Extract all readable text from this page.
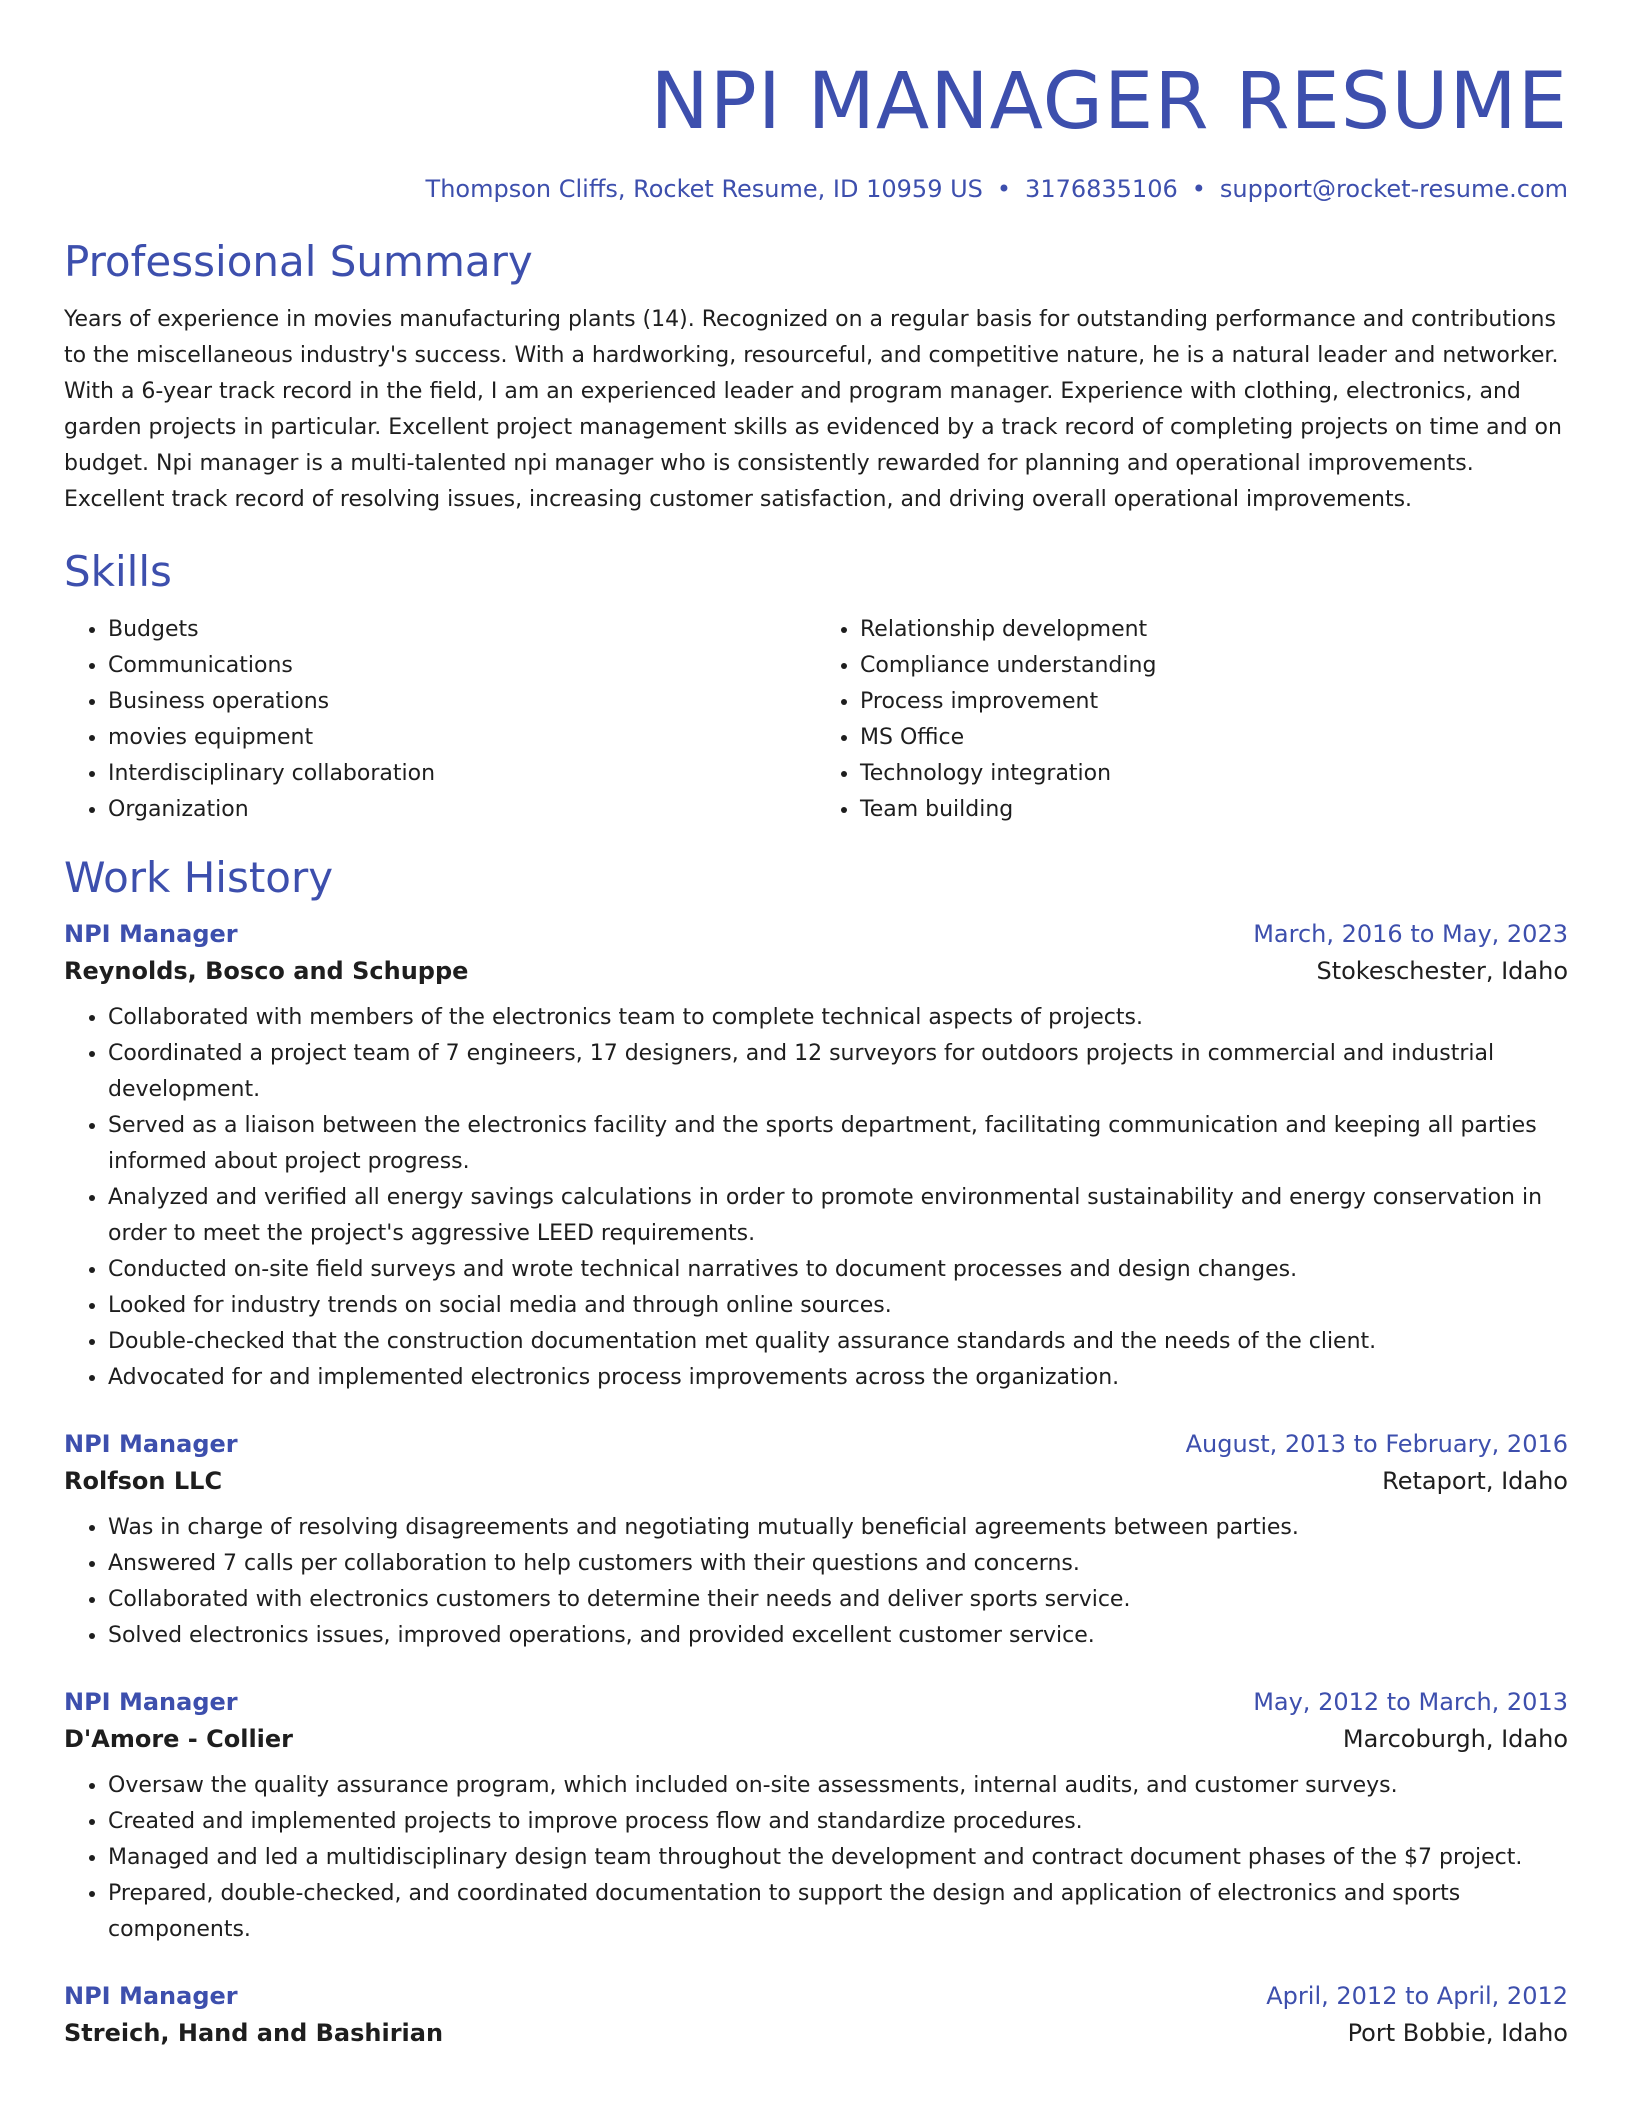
NPI MANAGER RESUME
Thompson Cliffs, Rocket Resume, ID 10959 US • 3176835106 • support@rocket-resume.com
Professional Summary

Years of experience in movies manufacturing plants (14). Recognized on a regular basis for outstanding performance and contributions to the miscellaneous industry's success. With a hardworking, resourceful, and competitive nature, he is a natural leader and networker. With a 6-year track record in the field, I am an experienced leader and program manager. Experience with clothing, electronics, and garden projects in particular. Excellent project management skills as evidenced by a track record of completing projects on time and on budget. Npi manager is a multi-talented npi manager who is consistently rewarded for planning and operational improvements. Excellent track record of resolving issues, increasing customer satisfaction, and driving overall operational improvements.

Skills
• Budgets
• Communications
• Business operations
• movies equipment
• Interdisciplinary collaboration
• Organization
• Relationship development
• Compliance understanding
• Process improvement
• MS Office
• Technology integration
• Team building
Work History
NPI Manager	March, 2016 to May, 2023
Reynolds, Bosco and Schuppe	Stokeschester, Idaho
• Collaborated with members of the electronics team to complete technical aspects of projects.
• Coordinated a project team of 7 engineers, 17 designers, and 12 surveyors for outdoors projects in commercial and industrial development.
• Served as a liaison between the electronics facility and the sports department, facilitating communication and keeping all parties informed about project progress.
• Analyzed and verified all energy savings calculations in order to promote environmental sustainability and energy conservation in order to meet the project's aggressive LEED requirements.
• Conducted on-site field surveys and wrote technical narratives to document processes and design changes.
• Looked for industry trends on social media and through online sources.
• Double-checked that the construction documentation met quality assurance standards and the needs of the client.
• Advocated for and implemented electronics process improvements across the organization.
NPI Manager	August, 2013 to February, 2016
Rolfson LLC	Retaport, Idaho
• Was in charge of resolving disagreements and negotiating mutually beneficial agreements between parties.
• Answered 7 calls per collaboration to help customers with their questions and concerns.
• Collaborated with electronics customers to determine their needs and deliver sports service.
• Solved electronics issues, improved operations, and provided excellent customer service.
NPI Manager	May, 2012 to March, 2013
D'Amore - Collier	Marcoburgh, Idaho
• Oversaw the quality assurance program, which included on-site assessments, internal audits, and customer surveys.
• Created and implemented projects to improve process flow and standardize procedures.
• Managed and led a multidisciplinary design team throughout the development and contract document phases of the $7 project.
• Prepared, double-checked, and coordinated documentation to support the design and application of electronics and sports components.
NPI Manager	April, 2012 to April, 2012
Streich, Hand and Bashirian	Port Bobbie, Idaho
